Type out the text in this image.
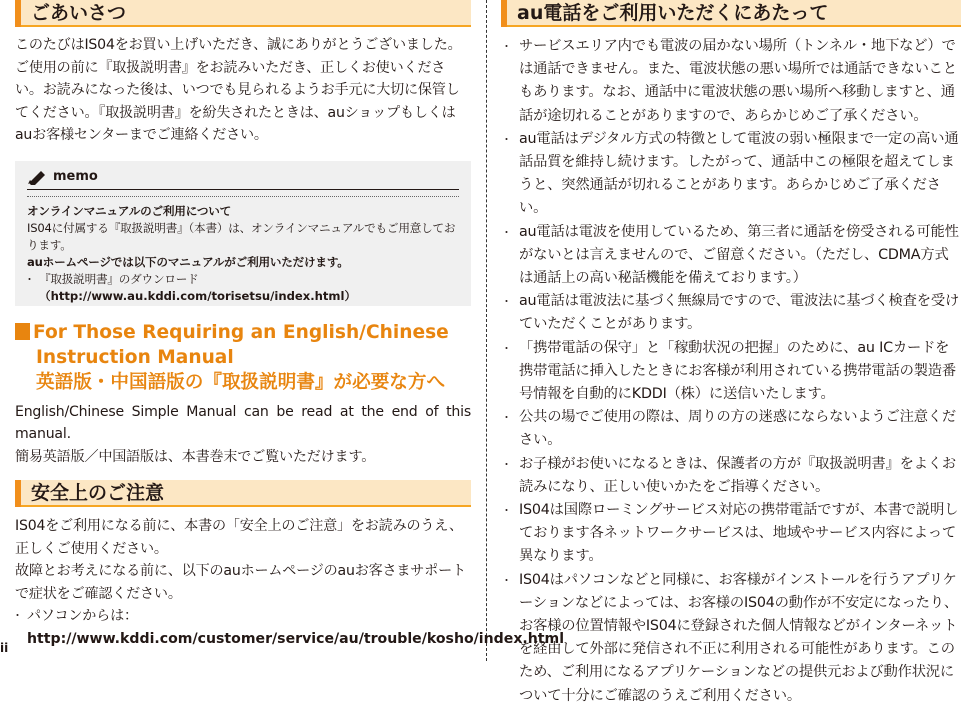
ごあいさつ

このたびはIS04をお買い上げいただき、誠にありがとうございました。ご使用の前に『取扱説明書』をお読みいただき、正しくお使いください。お読みになった後は、いつでも見られるようお手元に大切に保管してください。『取扱説明書』を紛失されたときは、auショップもしくはauお客様センターまでご連絡ください。

memo

オンラインマニュアルのご利用について

IS04に付属する『取扱説明書』（本書）は、オンラインマニュアルでもご用意しております。

auホームページでは以下のマニュアルがご利用いただけます。

・ 『取扱説明書』のダウンロード
（http://www.au.kddi.com/torisetsu/index.html）
For Those Requiring an English/Chinese
Instruction Manual
英語版・中国語版の『取扱説明書』が必要な方へ

English/Chinese Simple Manual can be read at the end of this manual.

簡易英語版／中国語版は、本書巻末でご覧いただけます。

安全上のご注意

IS04をご利用になる前に、本書の「安全上のご注意」をお読みのうえ、正しくご使用ください。

故障とお考えになる前に、以下のauホームページのauお客さまサポートで症状をご確認ください。

・ パソコンからは：http://www.kddi.com/customer/service/au/trouble/kosho/index.html
ii
au電話をご利用いただくにあたって
・ サービスエリア内でも電波の届かない場所（トンネル・地下など）では通話できません。また、電波状態の悪い場所では通話できないこともあります。なお、通話中に電波状態の悪い場所へ移動しますと、通話が途切れることがありますので、あらかじめご了承ください。
・ au電話はデジタル方式の特徴として電波の弱い極限まで一定の高い通話品質を維持し続けます。したがって、通話中この極限を超えてしまうと、突然通話が切れることがあります。あらかじめご了承ください。
・ au電話は電波を使用しているため、第三者に通話を傍受される可能性がないとは言えませんので、ご留意ください。（ただし、CDMA方式は通話上の高い秘話機能を備えております。）
・ au電話は電波法に基づく無線局ですので、電波法に基づく検査を受けていただくことがあります。
・ 「携帯電話の保守」と「稼動状況の把握」のために、au ICカードを携帯電話に挿入したときにお客様が利用されている携帯電話の製造番号情報を自動的にKDDI（株）に送信いたします。
・ 公共の場でご使用の際は、周りの方の迷惑にならないようご注意ください。
・ お子様がお使いになるときは、保護者の方が『取扱説明書』をよくお読みになり、正しい使いかたをご指導ください。
・ IS04は国際ローミングサービス対応の携帯電話ですが、本書で説明しております各ネットワークサービスは、地域やサービス内容によって異なります。
・ IS04はパソコンなどと同様に、お客様がインストールを行うアプリケーションなどによっては、お客様のIS04の動作が不安定になったり、お客様の位置情報やIS04に登録された個人情報などがインターネットを経由して外部に発信され不正に利用される可能性があります。このため、ご利用になるアプリケーションなどの提供元および動作状況について十分にご確認のうえご利用ください。
